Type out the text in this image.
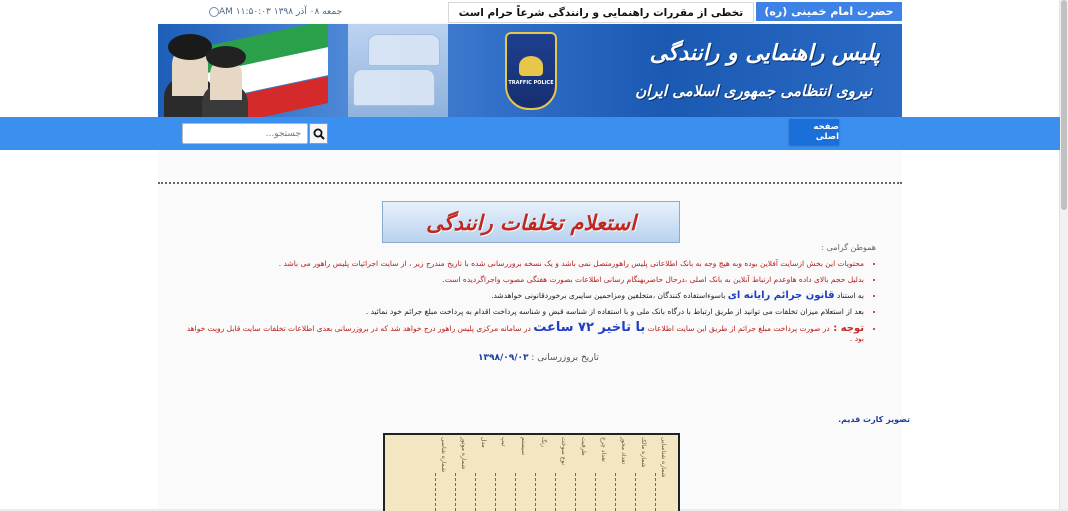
حضرت امام خمینی (ره)
تخطی از مقررات راهنمایی و رانندگی شرعاً حرام است
جمعه ۰۸ آذر ۱۳۹۸ ۱۱:۵۰:۰۳ AM
TRAFFIC POLICE
پلیس راهنمایی و رانندگی
نیروی انتظامی جمهوری اسلامی ایران
صفحه اصلی
جستجو...
استعلام تخلفات رانندگی
هموطن گرامی :
• محتویات این بخش ازسایت آفلاین بوده وبه هیچ وجه به بانک اطلاعاتی پلیس راهورمتصل نمی باشد و یک نسخه بروزرسانی شده با تاریخ مندرج زیر ، از سایت اجرائیات پلیس راهور می باشد .
• بدلیل حجم بالای داده هاوعدم ارتباط آنلاین به بانک اصلی ،درحال حاضربهنگام رسانی اطلاعات بصورت هفتگی مصوب واجراگردیده است.
• به استناد قانون جرائم رایانه ای باسوءاستفاده کنندگان ،متخلفین ومزاحمین سایبری برخوردقانونی خواهدشد.
• بعد از استعلام میزان تخلفات می توانید از طریق ارتباط با درگاه بانک ملی و با استفاده از شناسه قبض و شناسه پرداخت اقدام به پرداخت مبلغ جرائم خود نمائید .
• توجه : در صورت پرداخت مبلغ جرائم از طریق این سایت اطلاعات با تاخیر ۷۲ ساعت در سامانه مرکزی پلیس راهور درج خواهد شد که در بروزرسانی بعدی اطلاعات تخلفات سایت قابل رویت خواهد بود .
تاریخ بروزرسانی : ۱۳۹۸/۰۹/۰۳
تصویر کارت قدیم.
شماره شناسایی
شماره مالک
تعداد محور
تعداد چرخ
ظرفیت
نوع سوخت
رنگ
سیستم
تیپ
مدل
شماره موتور
شماره شاسی
